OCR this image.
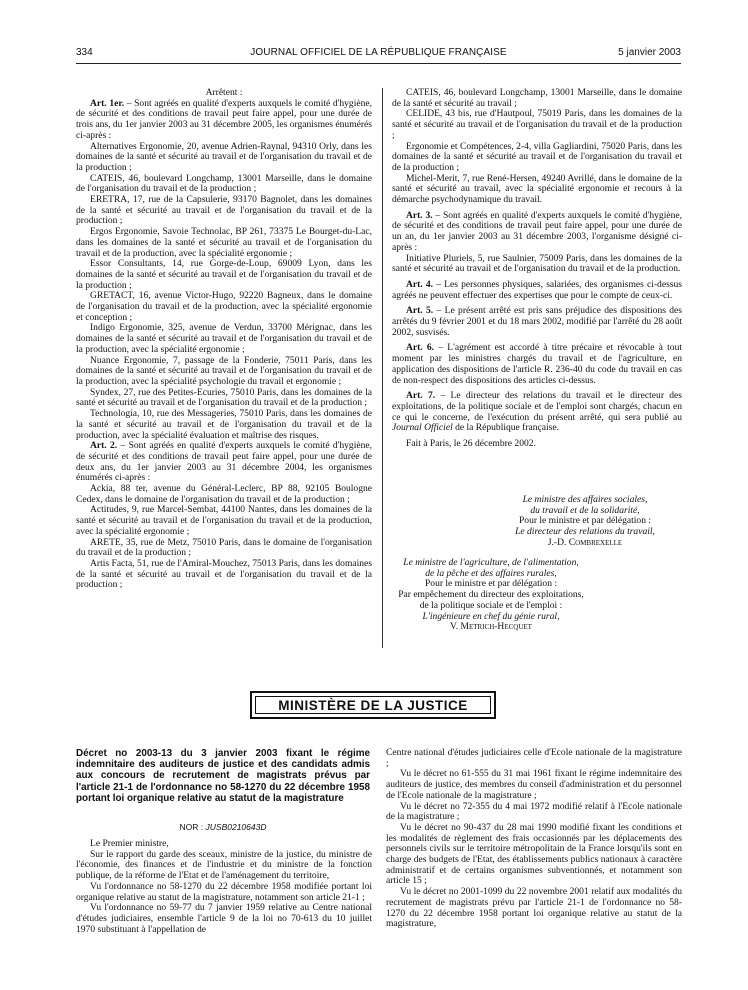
334	JOURNAL OFFICIEL DE LA RÉPUBLIQUE FRANÇAISE	5 janvier 2003

Arrêtent :

Art. 1er. – Sont agréés en qualité d'experts auxquels le comité d'hygiène, de sécurité et des conditions de travail peut faire appel, pour une durée de trois ans, du 1er janvier 2003 au 31 décembre 2005, les organismes énumérés ci-après :

Alternatives Ergonomie, 20, avenue Adrien-Raynal, 94310 Orly, dans les domaines de la santé et sécurité au travail et de l'organisation du travail et de la production ;

CATEIS, 46, boulevard Longchamp, 13001 Marseille, dans le domaine de l'organisation du travail et de la production ;

ERETRA, 17, rue de la Capsulerie, 93170 Bagnolet, dans les domaines de la santé et sécurité au travail et de l'organisation du travail et de la production ;

Ergos Ergonomie, Savoie Technolac, BP 261, 73375 Le Bourget-du-Lac, dans les domaines de la santé et sécurité au travail et de l'organisation du travail et de la production, avec la spécialité ergonomie ;

Essor Consultants, 14, rue Gorge-de-Loup, 69009 Lyon, dans les domaines de la santé et sécurité au travail et de l'organisation du travail et de la production ;

GRETACT, 16, avenue Victor-Hugo, 92220 Bagneux, dans le domaine de l'organisation du travail et de la production, avec la spécialité ergonomie et conception ;

Indigo Ergonomie, 325, avenue de Verdun, 33700 Mérignac, dans les domaines de la santé et sécurité au travail et de l'organisation du travail et de la production, avec la spécialité ergonomie ;

Nuance Ergonomie, 7, passage de la Fonderie, 75011 Paris, dans les domaines de la santé et sécurité au travail et de l'organisation du travail et de la production, avec la spécialité psychologie du travail et ergonomie ;

Syndex, 27, rue des Petites-Ecuries, 75010 Paris, dans les domaines de la santé et sécurité au travail et de l'organisation du travail et de la production ;

Technologia, 10, rue des Messageries, 75010 Paris, dans les domaines de la santé et sécurité au travail et de l'organisation du travail et de la production, avec la spécialité évaluation et maîtrise des risques.

Art. 2. – Sont agréés en qualité d'experts auxquels le comité d'hygiène, de sécurité et des conditions de travail peut faire appel, pour une durée de deux ans, du 1er janvier 2003 au 31 décembre 2004, les organismes énumérés ci-après :

Ackia, 88 ter, avenue du Général-Leclerc, BP 88, 92105 Boulogne Cedex, dans le domaine de l'organisation du travail et de la production ;

Actitudes, 9, rue Marcel-Sembat, 44100 Nantes, dans les domaines de la santé et sécurité au travail et de l'organisation du travail et de la production, avec la spécialité ergonomie ;

ARETE, 35, rue de Metz, 75010 Paris, dans le domaine de l'organisation du travail et de la production ;

Artis Facta, 51, rue de l'Amiral-Mouchez, 75013 Paris, dans les domaines de la santé et sécurité au travail et de l'organisation du travail et de la production ;

CATEIS, 46, boulevard Longchamp, 13001 Marseille, dans le domaine de la santé et sécurité au travail ;

CELIDE, 43 bis, rue d'Hautpoul, 75019 Paris, dans les domaines de la santé et sécurité au travail et de l'organisation du travail et de la production ;

Ergonomie et Compétences, 2-4, villa Gagliardini, 75020 Paris, dans les domaines de la santé et sécurité au travail et de l'organisation du travail et de la production ;

Michel-Merit, 7, rue René-Hersen, 49240 Avrillé, dans le domaine de la santé et sécurité au travail, avec la spécialité ergonomie et recours à la démarche psychodynamique du travail.

Art. 3. – Sont agréés en qualité d'experts auxquels le comité d'hygiène, de sécurité et des conditions de travail peut faire appel, pour une durée de un an, du 1er janvier 2003 au 31 décembre 2003, l'organisme désigné ci-après :

Initiative Pluriels, 5, rue Saulnier, 75009 Paris, dans les domaines de la santé et sécurité au travail et de l'organisation du travail et de la production.

Art. 4. – Les personnes physiques, salariées, des organismes ci-dessus agréés ne peuvent effectuer des expertises que pour le compte de ceux-ci.

Art. 5. – Le présent arrêté est pris sans préjudice des dispositions des arrêtés du 9 février 2001 et du 18 mars 2002, modifié par l'arrêté du 28 août 2002, susvisés.

Art. 6. – L'agrément est accordé à titre précaire et révocable à tout moment par les ministres chargés du travail et de l'agriculture, en application des dispositions de l'article R. 236-40 du code du travail en cas de non-respect des dispositions des articles ci-dessus.

Art. 7. – Le directeur des relations du travail et le directeur des exploitations, de la politique sociale et de l'emploi sont chargés, chacun en ce qui le concerne, de l'exécution du présent arrêté, qui sera publié au Journal Officiel de la République française.

Fait à Paris, le 26 décembre 2002.

Le ministre des affaires sociales,
du travail et de la solidarité,
Pour le ministre et par délégation :
Le directeur des relations du travail,
J.-D. Combrexelle
Le ministre de l'agriculture, de l'alimentation,
de la pêche et des affaires rurales,
Pour le ministre et par délégation :
Par empêchement du directeur des exploitations,
de la politique sociale et de l'emploi :
L'ingénieure en chef du génie rural,
V. Metrich-Hecquet
MINISTÈRE DE LA JUSTICE
Décret no 2003-13 du 3 janvier 2003 fixant le régime indemnitaire des auditeurs de justice et des candidats admis aux concours de recrutement de magistrats prévus par l'article 21-1 de l'ordonnance no 58-1270 du 22 décembre 1958 portant loi organique relative au statut de la magistrature
NOR : JUSB0210643D

Le Premier ministre,

Sur le rapport du garde des sceaux, ministre de la justice, du ministre de l'économie, des finances et de l'industrie et du ministre de la fonction publique, de la réforme de l'Etat et de l'aménagement du territoire,

Vu l'ordonnance no 58-1270 du 22 décembre 1958 modifiée portant loi organique relative au statut de la magistrature, notamment son article 21-1 ;

Vu l'ordonnance no 59-77 du 7 janvier 1959 relative au Centre national d'études judiciaires, ensemble l'article 9 de la loi no 70-613 du 10 juillet 1970 substituant à l'appellation de

Centre national d'études judiciaires celle d'Ecole nationale de la magistrature ;

Vu le décret no 61-555 du 31 mai 1961 fixant le régime indemnitaire des auditeurs de justice, des membres du conseil d'administration et du personnel de l'Ecole nationale de la magistrature ;

Vu le décret no 72-355 du 4 mai 1972 modifié relatif à l'Ecole nationale de la magistrature ;

Vu le décret no 90-437 du 28 mai 1990 modifié fixant les conditions et les modalités de règlement des frais occasionnés par les déplacements des personnels civils sur le territoire métropolitain de la France lorsqu'ils sont en charge des budgets de l'Etat, des établissements publics nationaux à caractère administratif et de certains organismes subventionnés, et notamment son article 15 ;

Vu le décret no 2001-1099 du 22 novembre 2001 relatif aux modalités du recrutement de magistrats prévu par l'article 21-1 de l'ordonnance no 58-1270 du 22 décembre 1958 portant loi organique relative au statut de la magistrature,
